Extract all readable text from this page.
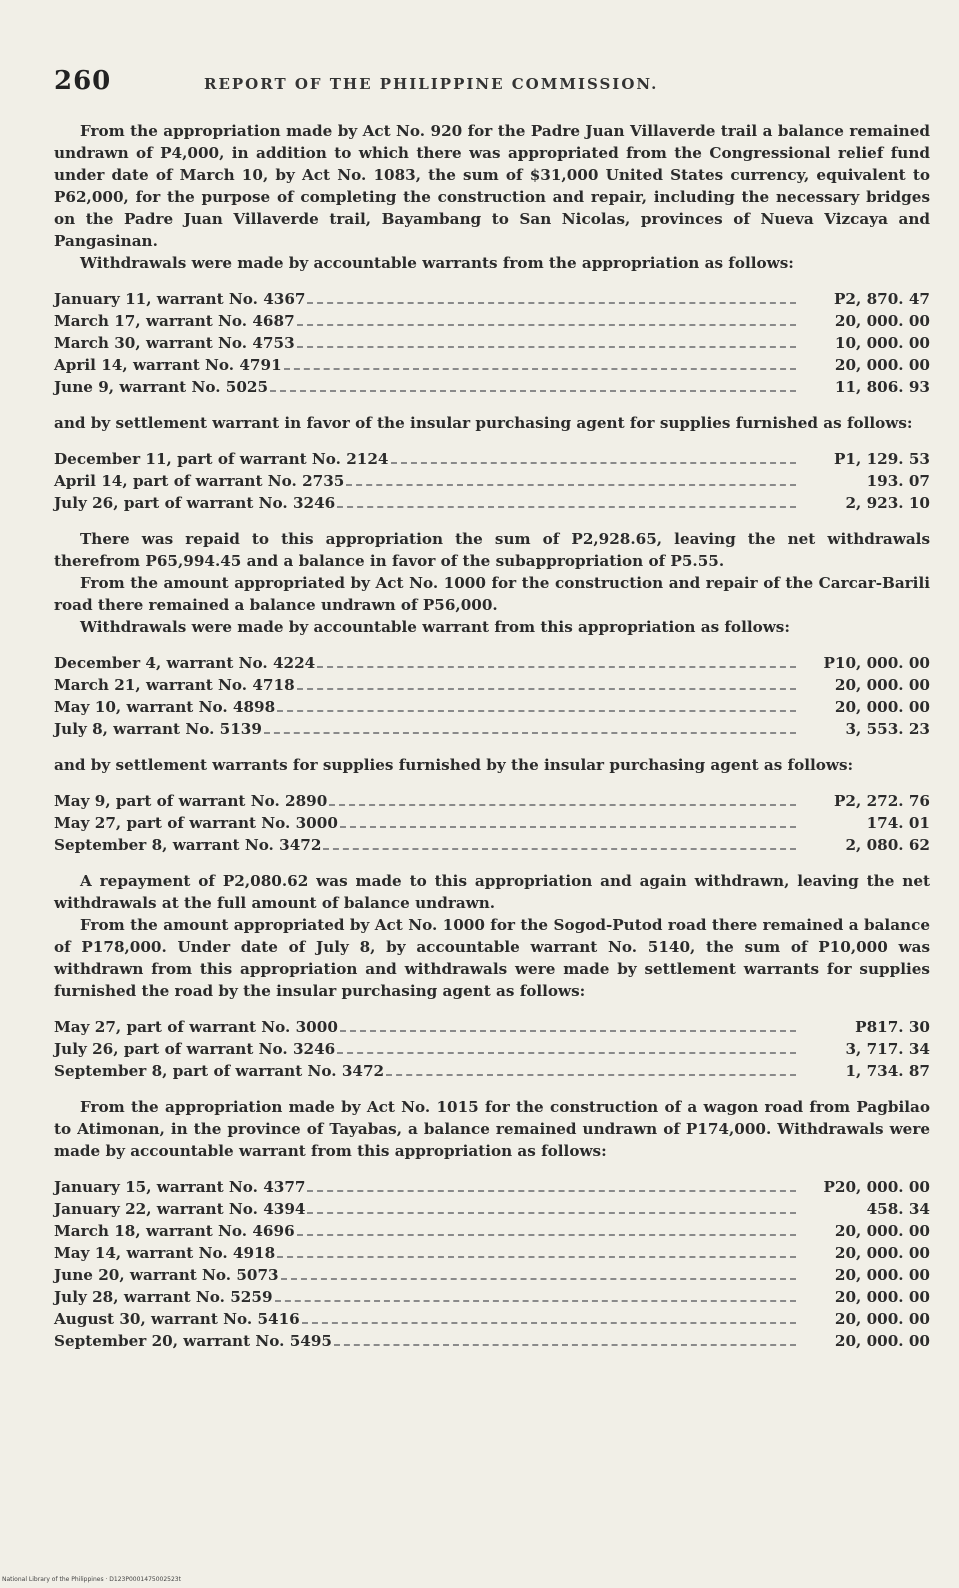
260	REPORT OF THE PHILIPPINE COMMISSION.

From the appropriation made by Act No. 920 for the Padre Juan Villaverde trail a balance remained undrawn of P4,000, in addition to which there was appropriated from the Congressional relief fund under date of March 10, by Act No. 1083, the sum of $31,000 United States currency, equivalent to P62,000, for the purpose of completing the construction and repair, including the necessary bridges on the Padre Juan Villaverde trail, Bayambang to San Nicolas, provinces of Nueva Vizcaya and Pangasinan.

Withdrawals were made by accountable warrants from the appropriation as follows:

January 11, warrant No. 4367	P2, 870. 47
March 17, warrant No. 4687	20, 000. 00
March 30, warrant No. 4753	10, 000. 00
April 14, warrant No. 4791	20, 000. 00
June 9, warrant No. 5025	11, 806. 93

and by settlement warrant in favor of the insular purchasing agent for supplies furnished as follows:

December 11, part of warrant No. 2124	P1, 129. 53
April 14, part of warrant No. 2735	193. 07
July 26, part of warrant No. 3246	2, 923. 10

There was repaid to this appropriation the sum of P2,928.65, leaving the net withdrawals therefrom P65,994.45 and a balance in favor of the subappropriation of P5.55.

From the amount appropriated by Act No. 1000 for the construction and repair of the Carcar-Barili road there remained a balance undrawn of P56,000.

Withdrawals were made by accountable warrant from this appropriation as follows:

December 4, warrant No. 4224	P10, 000. 00
March 21, warrant No. 4718	20, 000. 00
May 10, warrant No. 4898	20, 000. 00
July 8, warrant No. 5139	3, 553. 23

and by settlement warrants for supplies furnished by the insular purchasing agent as follows:

May 9, part of warrant No. 2890	P2, 272. 76
May 27, part of warrant No. 3000	174. 01
September 8, warrant No. 3472	2, 080. 62

A repayment of P2,080.62 was made to this appropriation and again withdrawn, leaving the net withdrawals at the full amount of balance undrawn.

From the amount appropriated by Act No. 1000 for the Sogod-Putod road there remained a balance of P178,000. Under date of July 8, by accountable warrant No. 5140, the sum of P10,000 was withdrawn from this appropriation and withdrawals were made by settlement warrants for supplies furnished the road by the insular purchasing agent as follows:

May 27, part of warrant No. 3000	P817. 30
July 26, part of warrant No. 3246	3, 717. 34
September 8, part of warrant No. 3472	1, 734. 87

From the appropriation made by Act No. 1015 for the construction of a wagon road from Pagbilao to Atimonan, in the province of Tayabas, a balance remained undrawn of P174,000. Withdrawals were made by accountable warrant from this appropriation as follows:

January 15, warrant No. 4377	P20, 000. 00
January 22, warrant No. 4394	458. 34
March 18, warrant No. 4696	20, 000. 00
May 14, warrant No. 4918	20, 000. 00
June 20, warrant No. 5073	20, 000. 00
July 28, warrant No. 5259	20, 000. 00
August 30, warrant No. 5416	20, 000. 00
September 20, warrant No. 5495	20, 000. 00
National Library of the Philippines · D123P0001475002523t
